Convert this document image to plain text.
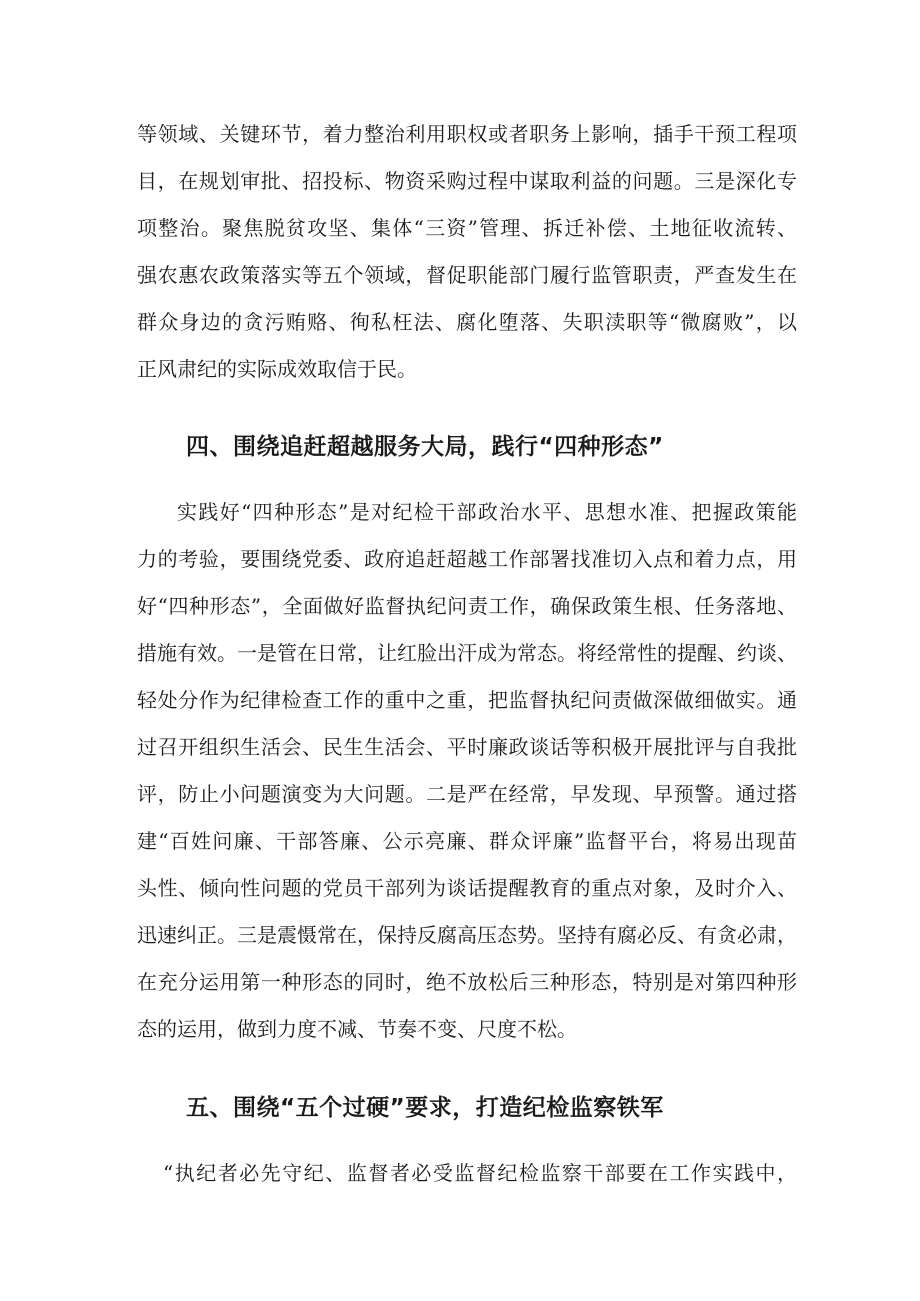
等领域、关键环节，着力整治利用职权或者职务上影响，插手干预工程项
目，在规划审批、招投标、物资采购过程中谋取利益的问题。三是深化专
项整治。聚焦脱贫攻坚、集体“三资”管理、拆迁补偿、土地征收流转、
强农惠农政策落实等五个领域，督促职能部门履行监管职责，严查发生在
群众身边的贪污贿赂、徇私枉法、腐化堕落、失职渎职等“微腐败”，以
正风肃纪的实际成效取信于民。
四、围绕追赶超越服务大局，践行“四种形态”
实践好“四种形态”是对纪检干部政治水平、思想水准、把握政策能
力的考验，要围绕党委、政府追赶超越工作部署找准切入点和着力点，用
好“四种形态”，全面做好监督执纪问责工作，确保政策生根、任务落地、
措施有效。一是管在日常，让红脸出汗成为常态。将经常性的提醒、约谈、
轻处分作为纪律检查工作的重中之重，把监督执纪问责做深做细做实。通
过召开组织生活会、民生生活会、平时廉政谈话等积极开展批评与自我批
评，防止小问题演变为大问题。二是严在经常，早发现、早预警。通过搭
建“百姓问廉、干部答廉、公示亮廉、群众评廉”监督平台，将易出现苗
头性、倾向性问题的党员干部列为谈话提醒教育的重点对象，及时介入、
迅速纠正。三是震慑常在，保持反腐高压态势。坚持有腐必反、有贪必肃，
在充分运用第一种形态的同时，绝不放松后三种形态，特别是对第四种形
态的运用，做到力度不减、节奏不变、尺度不松。
五、围绕“五个过硬”要求，打造纪检监察铁军
“执纪者必先守纪、监督者必受监督纪检监察干部要在工作实践中，
